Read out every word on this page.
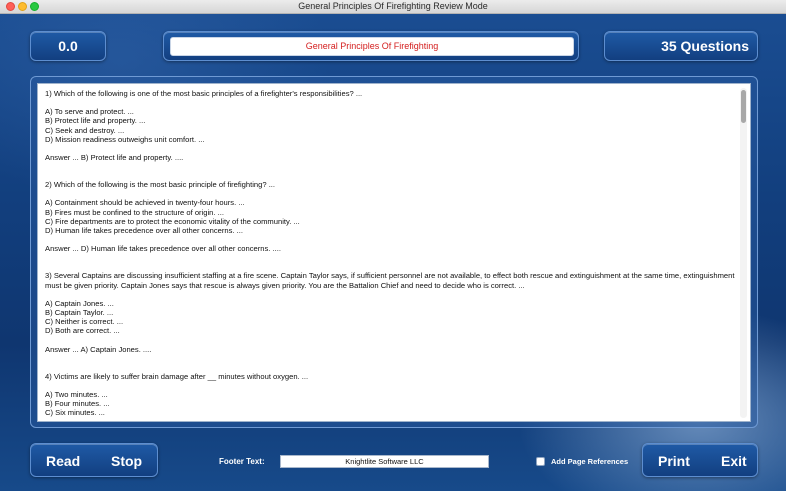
General Principles Of Firefighting Review Mode
0.0	General Principles Of Firefighting	35 Questions
1) Which of the following is one of the most basic principles of a firefighter's responsibilities? ...
A) To serve and protect. ...
B) Protect life and property. ...
C) Seek and destroy. ...
D) Mission readiness outweighs unit comfort. ...
Answer ... B) Protect life and property. ....
2) Which of the following is the most basic principle of firefighting? ...
A) Containment should be achieved in twenty-four hours. ...
B) Fires must be confined to the structure of origin. ...
C) Fire departments are to protect the economic vitality of the community. ...
D) Human life takes precedence over all other concerns. ...
Answer ... D) Human life takes precedence over all other concerns. ....
3) Several Captains are discussing insufficient staffing at a fire scene. Captain Taylor says, if sufficient personnel are not available, to effect both rescue and extinguishment at the same time, extinguishment must be given priority. Captain Jones says that rescue is always given priority. You are the Battalion Chief and need to decide who is correct. ...
A) Captain Jones. ...
B) Captain Taylor. ...
C) Neither is correct. ...
D) Both are correct. ...
Answer ... A) Captain Jones. ....
4) Victims are likely to suffer brain damage after __ minutes without oxygen. ...
A) Two minutes. ...
B) Four minutes. ...
C) Six minutes. ...
Read Stop	Footer Text:	Knightlite Software LLC	Add Page References Print Exit
